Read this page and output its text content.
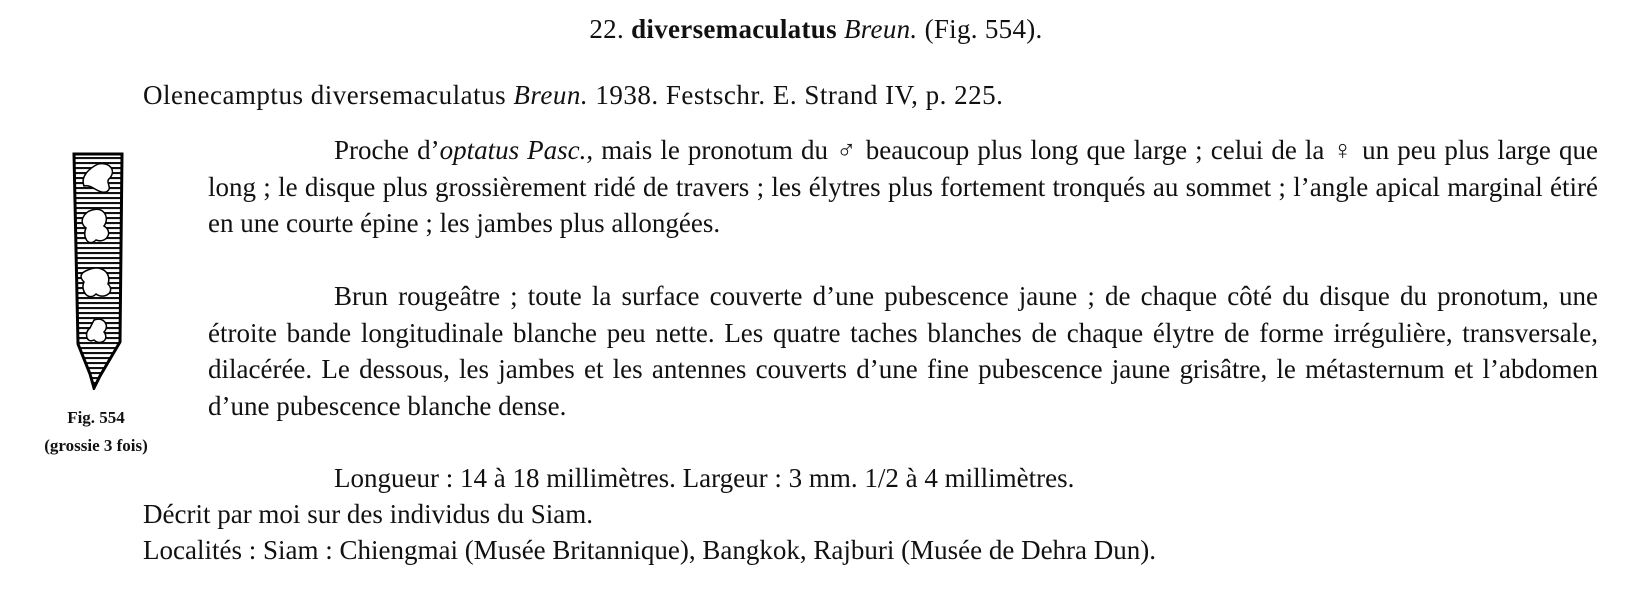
22. diversemaculatus Breun. (Fig. 554).
Olenecamptus diversemaculatus Breun. 1938. Festschr. E. Strand IV, p. 225.
Fig. 554
(grossie 3 fois)

Proche d’optatus Pasc., mais le pronotum du ♂ beaucoup plus long que large ; celui de la ♀ un peu plus large que long ; le disque plus grossièrement ridé de travers ; les élytres plus fortement tronqués au sommet ; l’angle apical marginal étiré en une courte épine ; les jambes plus allongées.

Brun rougeâtre ; toute la surface couverte d’une pubescence jaune ; de chaque côté du disque du pronotum, une étroite bande longitudinale blanche peu nette. Les quatre taches blanches de chaque élytre de forme irrégulière, transversale, dilacérée. Le dessous, les jambes et les antennes couverts d’une fine pubescence jaune grisâtre, le métasternum et l’abdomen d’une pubescence blanche dense.

Longueur : 14 à 18 millimètres. Largeur : 3 mm. 1/2 à 4 millimètres.
Décrit par moi sur des individus du Siam.
Localités : Siam : Chiengmai (Musée Britannique), Bangkok, Rajburi (Musée de Dehra Dun).
